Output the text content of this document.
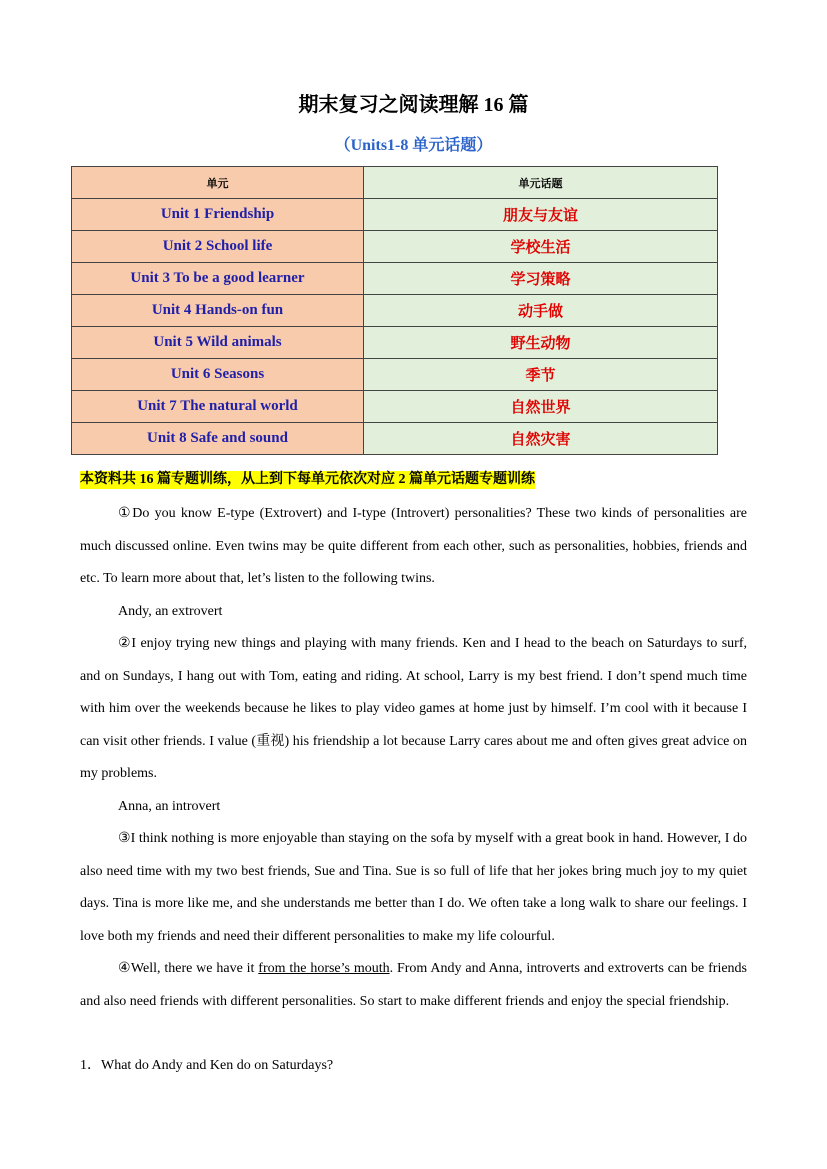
期末复习之阅读理解 16 篇
（Units1-8 单元话题）
单元	单元话题
Unit 1 Friendship	朋友与友谊
Unit 2 School life	学校生活
Unit 3 To be a good learner	学习策略
Unit 4 Hands-on fun	动手做
Unit 5 Wild animals	野生动物
Unit 6 Seasons	季节
Unit 7 The natural world	自然世界
Unit 8 Safe and sound	自然灾害
本资料共 16 篇专题训练，从上到下每单元依次对应 2 篇单元话题专题训练
①Do you know E-type (Extrovert) and I-type (Introvert) personalities? These two kinds of personalities are much discussed online. Even twins may be quite different from each other, such as personalities, hobbies, friends and etc. To learn more about that, let’s listen to the following twins.
Andy, an extrovert
②I enjoy trying new things and playing with many friends. Ken and I head to the beach on Saturdays to surf, and on Sundays, I hang out with Tom, eating and riding. At school, Larry is my best friend. I don’t spend much time with him over the weekends because he likes to play video games at home just by himself. I’m cool with it because I can visit other friends. I value (重视) his friendship a lot because Larry cares about me and often gives great advice on my problems.
Anna, an introvert
③I think nothing is more enjoyable than staying on the sofa by myself with a great book in hand. However, I do also need time with my two best friends, Sue and Tina. Sue is so full of life that her jokes bring much joy to my quiet days. Tina is more like me, and she understands me better than I do. We often take a long walk to share our feelings. I love both my friends and need their different personalities to make my life colourful.
④Well, there we have it from the horse’s mouth. From Andy and Anna, introverts and extroverts can be friends and also need friends with different personalities. So start to make different friends and enjoy the special friendship.
1．What do Andy and Ken do on Saturdays?
